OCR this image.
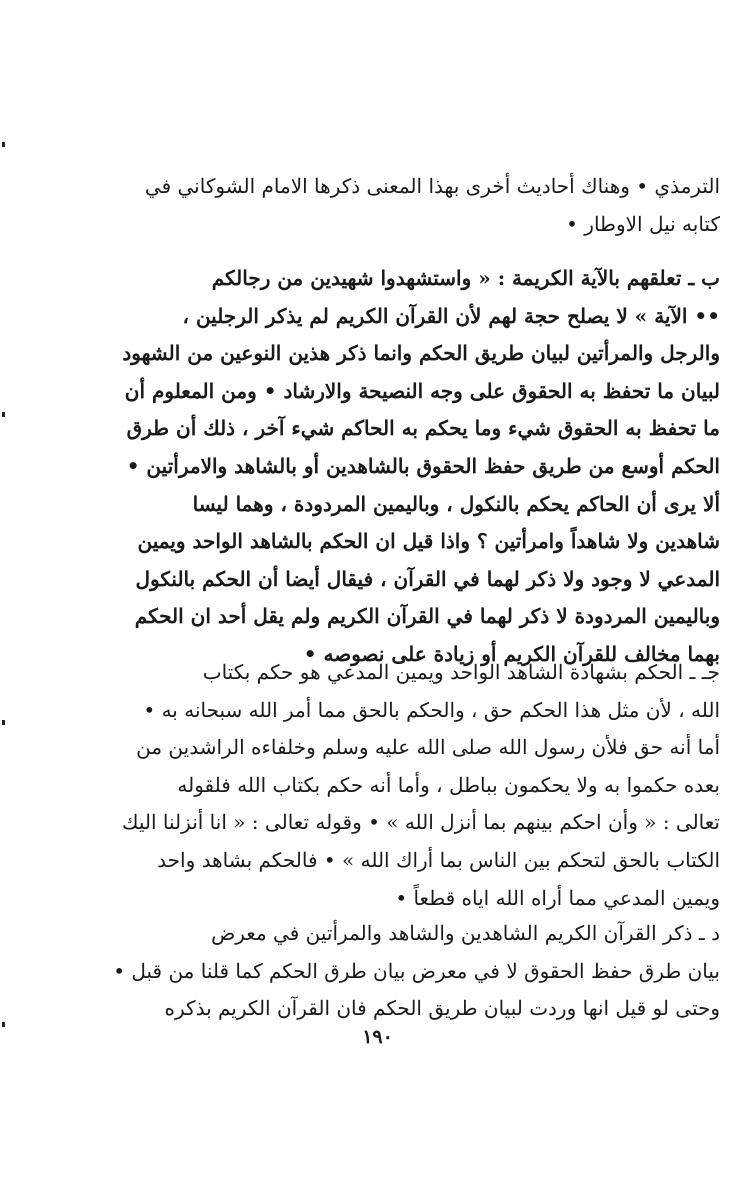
الترمذي • وهناك أحاديث أخرى بهذا المعنى ذكرها الامام الشوكاني في
كتابه نيل الاوطار •
ب ـ تعلقهم بالآية الكريمة : « واستشهدوا شهيدين من رجالكم
•• الآية » لا يصلح حجة لهم لأن القرآن الكريم لم يذكر الرجلين ،
والرجل والمرأتين لبيان طريق الحكم وانما ذكر هذين النوعين من الشهود
لبيان ما تحفظ به الحقوق على وجه النصيحة والارشاد • ومن المعلوم أن
ما تحفظ به الحقوق شيء وما يحكم به الحاكم شيء آخر ، ذلك أن طرق
الحكم أوسع من طريق حفظ الحقوق بالشاهدين أو بالشاهد والامرأتين •
ألا يرى أن الحاكم يحكم بالنكول ، وباليمين المردودة ، وهما ليسا
شاهدين ولا شاهداً وامرأتين ؟ واذا قيل ان الحكم بالشاهد الواحد ويمين
المدعي لا وجود ولا ذكر لهما في القرآن ، فيقال أيضا أن الحكم بالنكول
وباليمين المردودة لا ذكر لهما في القرآن الكريم ولم يقل أحد ان الحكم
بهما مخالف للقرآن الكريم أو زيادة على نصوصه •
جـ ـ الحكم بشهادة الشاهد الواحد ويمين المدعي هو حكم بكتاب
الله ، لأن مثل هذا الحكم حق ، والحكم بالحق مما أمر الله سبحانه به •
أما أنه حق فلأن رسول الله صلى الله عليه وسلم وخلفاءه الراشدين من
بعده حكموا به ولا يحكمون بباطل ، وأما أنه حكم بكتاب الله فلقوله
تعالى : « وأن احكم بينهم بما أنزل الله » • وقوله تعالى : « انا أنزلنا اليك
الكتاب بالحق لتحكم بين الناس بما أراك الله » • فالحكم بشاهد واحد
ويمين المدعي مما أراه الله اياه قطعاً •
د ـ ذكر القرآن الكريم الشاهدين والشاهد والمرأتين في معرض
بيان طرق حفظ الحقوق لا في معرض بيان طرق الحكم كما قلنا من قبل •
وحتى لو قيل انها وردت لبيان طريق الحكم فان القرآن الكريم بذكره
١٩٠
